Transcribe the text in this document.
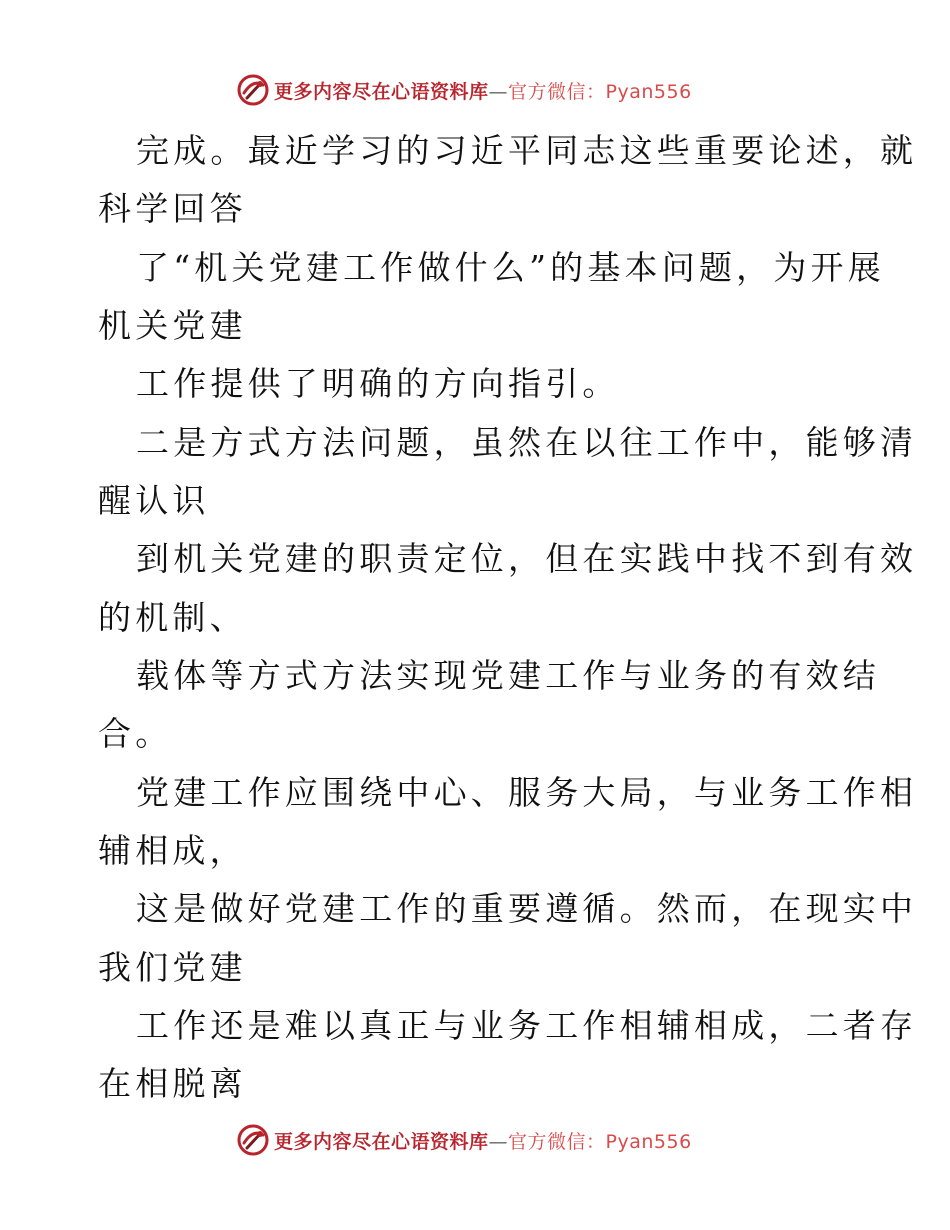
更多内容尽在心语资料库—官方微信：Pyan556
完成。最近学习的习近平同志这些重要论述，就
科学回答
了“机关党建工作做什么”的基本问题，为开展
机关党建
工作提供了明确的方向指引。
二是方式方法问题，虽然在以往工作中，能够清
醒认识
到机关党建的职责定位，但在实践中找不到有效
的机制、
载体等方式方法实现党建工作与业务的有效结
合。
党建工作应围绕中心、服务大局，与业务工作相
辅相成，
这是做好党建工作的重要遵循。然而，在现实中
我们党建
工作还是难以真正与业务工作相辅相成，二者存
在相脱离
更多内容尽在心语资料库—官方微信：Pyan556
